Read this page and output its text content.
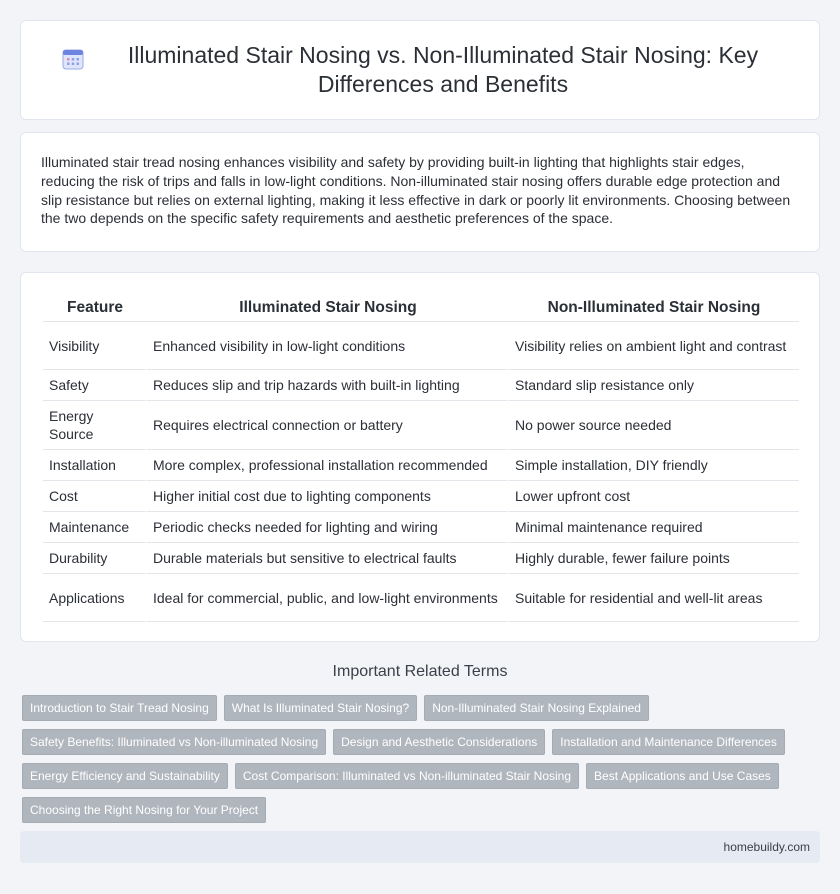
Illuminated Stair Nosing vs. Non-Illuminated Stair Nosing: Key Differences and Benefits

Illuminated stair tread nosing enhances visibility and safety by providing built-in lighting that highlights stair edges, reducing the risk of trips and falls in low-light conditions. Non-illuminated stair nosing offers durable edge protection and slip resistance but relies on external lighting, making it less effective in dark or poorly lit environments. Choosing between the two depends on the specific safety requirements and aesthetic preferences of the space.

Feature	Illuminated Stair Nosing	Non-Illuminated Stair Nosing
Visibility	Enhanced visibility in low-light conditions	Visibility relies on ambient light and contrast
Safety	Reduces slip and trip hazards with built-in lighting	Standard slip resistance only
Energy Source	Requires electrical connection or battery	No power source needed
Installation	More complex, professional installation recommended	Simple installation, DIY friendly
Cost	Higher initial cost due to lighting components	Lower upfront cost
Maintenance	Periodic checks needed for lighting and wiring	Minimal maintenance required
Durability	Durable materials but sensitive to electrical faults	Highly durable, fewer failure points
Applications	Ideal for commercial, public, and low-light environments	Suitable for residential and well-lit areas
Important Related Terms
Introduction to Stair Tread Nosing	What Is Illuminated Stair Nosing?	Non-Illuminated Stair Nosing Explained
Safety Benefits: Illuminated vs Non-illuminated Nosing	Design and Aesthetic Considerations	Installation and Maintenance Differences
Energy Efficiency and Sustainability	Cost Comparison: Illuminated vs Non-illuminated Stair Nosing	Best Applications and Use Cases
Choosing the Right Nosing for Your Project
homebuildy.com
